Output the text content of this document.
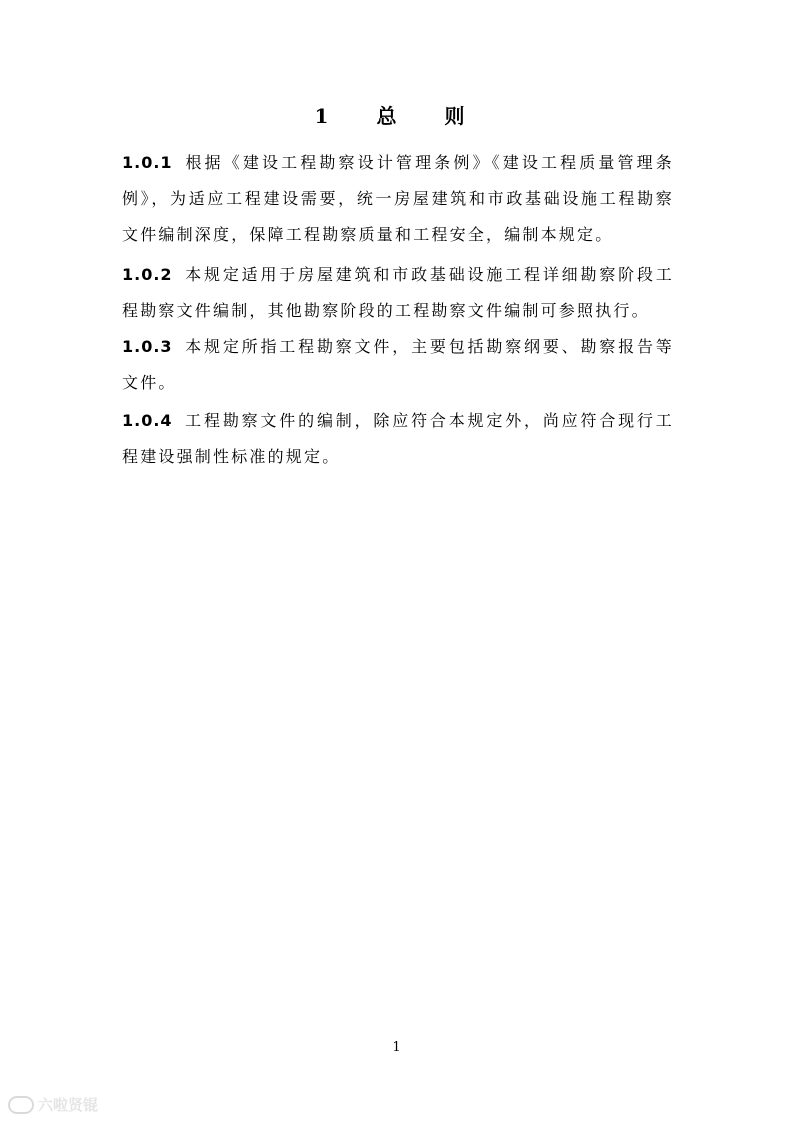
1　总　则
1.0.1 根据《建设工程勘察设计管理条例》《建设工程质量管理条例》，为适应工程建设需要，统一房屋建筑和市政基础设施工程勘察文件编制深度，保障工程勘察质量和工程安全，编制本规定。
1.0.2 本规定适用于房屋建筑和市政基础设施工程详细勘察阶段工程勘察文件编制，其他勘察阶段的工程勘察文件编制可参照执行。
1.0.3 本规定所指工程勘察文件，主要包括勘察纲要、勘察报告等文件。
1.0.4 工程勘察文件的编制，除应符合本规定外，尚应符合现行工程建设强制性标准的规定。
1
六啦贤锟
